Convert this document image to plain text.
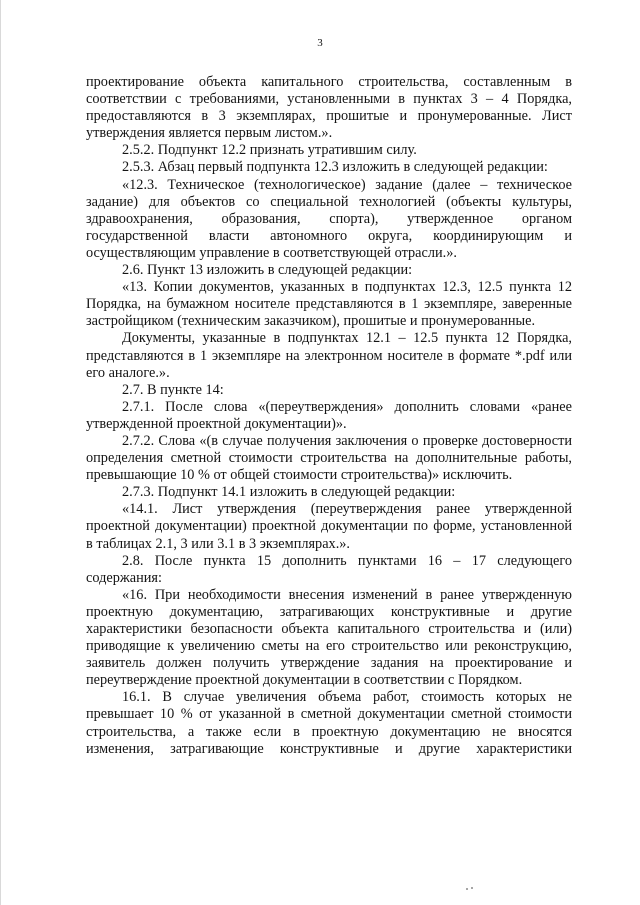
3

проектирование объекта капитального строительства, составленным в соответствии с требованиями, установленными в пунктах 3 – 4 Порядка, предоставляются в 3 экземплярах, прошитые и пронумерованные. Лист утверждения является первым листом.».

2.5.2. Подпункт 12.2 признать утратившим силу.

2.5.3. Абзац первый подпункта 12.3 изложить в следующей редакции:

«12.3. Техническое (технологическое) задание (далее – техническое задание) для объектов со специальной технологией (объекты культуры, здравоохранения, образования, спорта), утвержденное органом государственной власти автономного округа, координирующим и осуществляющим управление в соответствующей отрасли.».

2.6. Пункт 13 изложить в следующей редакции:

«13. Копии документов, указанных в подпунктах 12.3, 12.5 пункта 12 Порядка, на бумажном носителе представляются в 1 экземпляре, заверенные застройщиком (техническим заказчиком), прошитые и пронумерованные.

Документы, указанные в подпунктах 12.1 – 12.5 пункта 12 Порядка, представляются в 1 экземпляре на электронном носителе в формате *.pdf или его аналоге.».

2.7. В пункте 14:

2.7.1. После слова «(переутверждения» дополнить словами «ранее утвержденной проектной документации)».

2.7.2. Слова «(в случае получения заключения о проверке достоверности определения сметной стоимости строительства на дополнительные работы, превышающие 10 % от общей стоимости строительства)» исключить.

2.7.3. Подпункт 14.1 изложить в следующей редакции:

«14.1. Лист утверждения (переутверждения ранее утвержденной проектной документации) проектной документации по форме, установленной в таблицах 2.1, 3 или 3.1 в 3 экземплярах.».

2.8. После пункта 15 дополнить пунктами 16 – 17 следующего содержания:

«16. При необходимости внесения изменений в ранее утвержденную проектную документацию, затрагивающих конструктивные и другие характеристики безопасности объекта капитального строительства и (или) приводящие к увеличению сметы на его строительство или реконструкцию, заявитель должен получить утверждение задания на проектирование и переутверждение проектной документации в соответствии с Порядком.

16.1. В случае увеличения объема работ, стоимость которых не превышает 10 % от указанной в сметной документации сметной стоимости строительства, а также если в проектную документацию не вносятся изменения, затрагивающие конструктивные и другие характеристики
